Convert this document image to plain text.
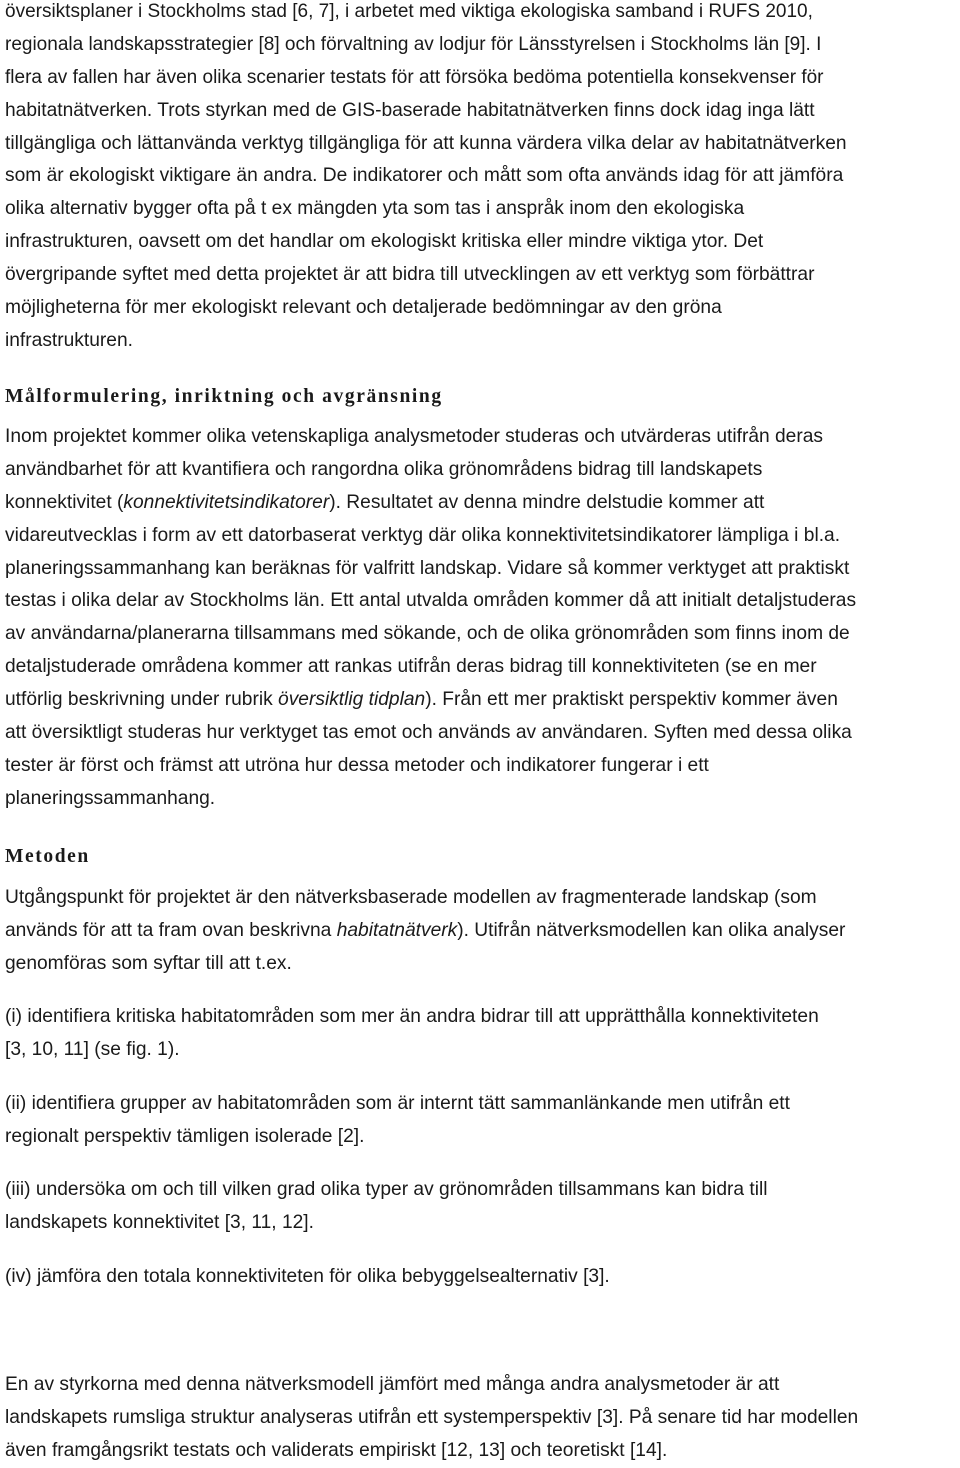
översiktsplaner i Stockholms stad [6, 7], i arbetet med viktiga ekologiska samband i RUFS 2010,
regionala landskapsstrategier [8] och förvaltning av lodjur för Länsstyrelsen i Stockholms län [9]. I
flera av fallen har även olika scenarier testats för att försöka bedöma potentiella konsekvenser för
habitatnätverken. Trots styrkan med de GIS-baserade habitatnätverken finns dock idag inga lätt
tillgängliga och lättanvända verktyg tillgängliga för att kunna värdera vilka delar av habitatnätverken
som är ekologiskt viktigare än andra. De indikatorer och mått som ofta används idag för att jämföra
olika alternativ bygger ofta på t ex mängden yta som tas i anspråk inom den ekologiska
infrastrukturen, oavsett om det handlar om ekologiskt kritiska eller mindre viktiga ytor. Det
övergripande syftet med detta projektet är att bidra till utvecklingen av ett verktyg som förbättrar
möjligheterna för mer ekologiskt relevant och detaljerade bedömningar av den gröna
infrastrukturen.
Målformulering, inriktning och avgränsning
Inom projektet kommer olika vetenskapliga analysmetoder studeras och utvärderas utifrån deras
användbarhet för att kvantifiera och rangordna olika grönområdens bidrag till landskapets
konnektivitet (konnektivitetsindikatorer). Resultatet av denna mindre delstudie kommer att
vidareutvecklas i form av ett datorbaserat verktyg där olika konnektivitetsindikatorer lämpliga i bl.a.
planeringssammanhang kan beräknas för valfritt landskap. Vidare så kommer verktyget att praktiskt
testas i olika delar av Stockholms län. Ett antal utvalda områden kommer då att initialt detaljstuderas
av användarna/planerarna tillsammans med sökande, och de olika grönområden som finns inom de
detaljstuderade områdena kommer att rankas utifrån deras bidrag till konnektiviteten (se en mer
utförlig beskrivning under rubrik översiktlig tidplan). Från ett mer praktiskt perspektiv kommer även
att översiktligt studeras hur verktyget tas emot och används av användaren. Syften med dessa olika
tester är först och främst att utröna hur dessa metoder och indikatorer fungerar i ett
planeringssammanhang.
Metoden
Utgångspunkt för projektet är den nätverksbaserade modellen av fragmenterade landskap (som
används för att ta fram ovan beskrivna habitatnätverk). Utifrån nätverksmodellen kan olika analyser
genomföras som syftar till att t.ex.
(i) identifiera kritiska habitatområden som mer än andra bidrar till att upprätthålla konnektiviteten
[3, 10, 11] (se fig. 1).
(ii) identifiera grupper av habitatområden som är internt tätt sammanlänkande men utifrån ett
regionalt perspektiv tämligen isolerade [2].
(iii) undersöka om och till vilken grad olika typer av grönområden tillsammans kan bidra till
landskapets konnektivitet [3, 11, 12].
(iv) jämföra den totala konnektiviteten för olika bebyggelsealternativ [3].
En av styrkorna med denna nätverksmodell jämfört med många andra analysmetoder är att
landskapets rumsliga struktur analyseras utifrån ett systemperspektiv [3]. På senare tid har modellen
även framgångsrikt testats och validerats empiriskt [12, 13] och teoretiskt [14].
